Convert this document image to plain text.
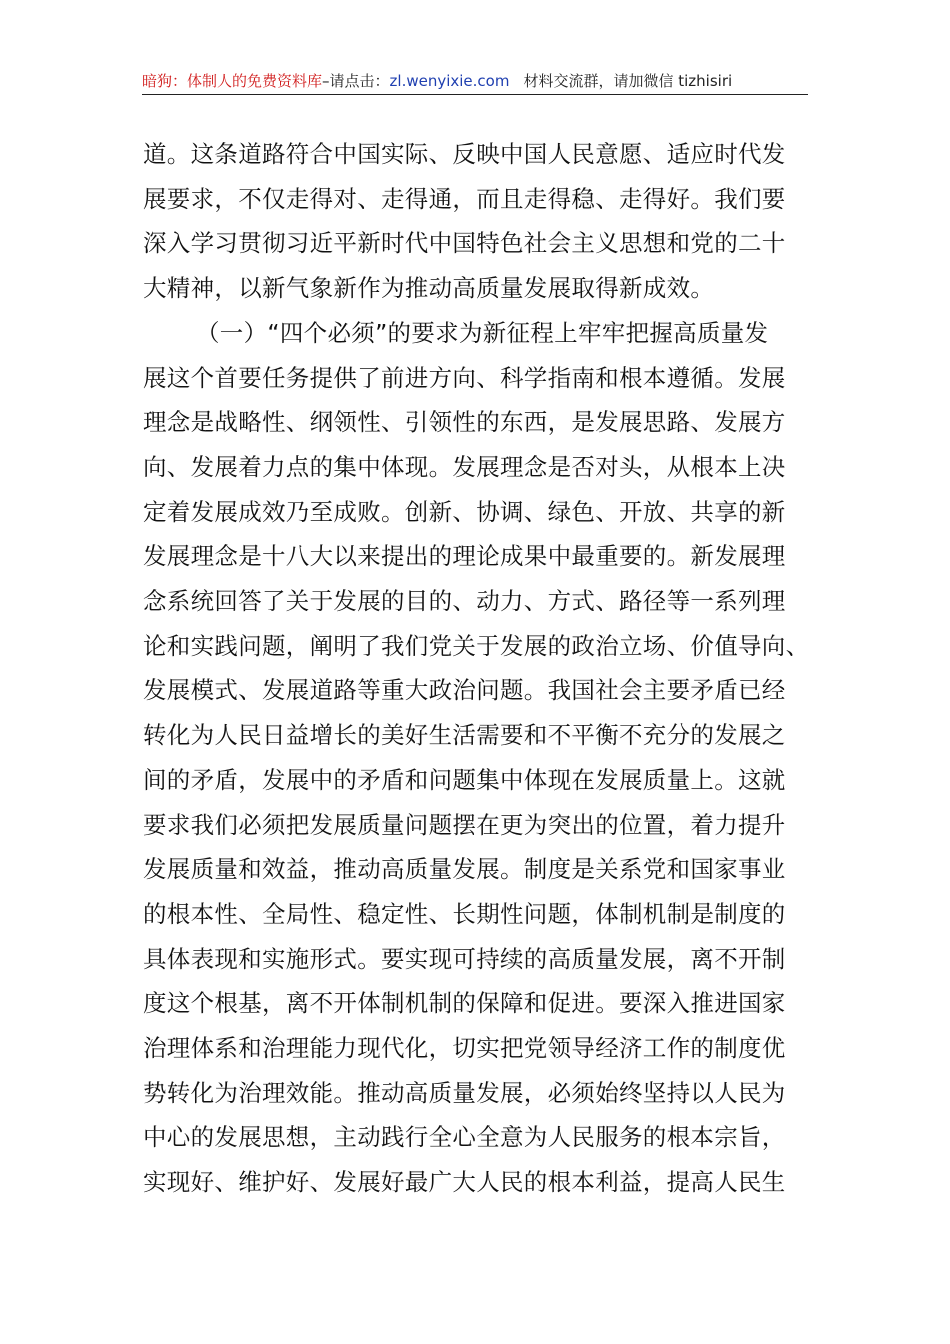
暗狗：体制人的免费资料库–请点击：zl.wenyixie.com 材料交流群，请加微信 tizhisiri

道。这条道路符合中国实际、反映中国人民意愿、适应时代发
展要求，不仅走得对、走得通，而且走得稳、走得好。我们要
深入学习贯彻习近平新时代中国特色社会主义思想和党的二十
大精神，以新气象新作为推动高质量发展取得新成效。

（一）“四个必须”的要求为新征程上牢牢把握高质量发
展这个首要任务提供了前进方向、科学指南和根本遵循。发展
理念是战略性、纲领性、引领性的东西，是发展思路、发展方
向、发展着力点的集中体现。发展理念是否对头，从根本上决
定着发展成效乃至成败。创新、协调、绿色、开放、共享的新
发展理念是十八大以来提出的理论成果中最重要的。新发展理
念系统回答了关于发展的目的、动力、方式、路径等一系列理
论和实践问题，阐明了我们党关于发展的政治立场、价值导向、
发展模式、发展道路等重大政治问题。我国社会主要矛盾已经
转化为人民日益增长的美好生活需要和不平衡不充分的发展之
间的矛盾，发展中的矛盾和问题集中体现在发展质量上。这就
要求我们必须把发展质量问题摆在更为突出的位置，着力提升
发展质量和效益，推动高质量发展。制度是关系党和国家事业
的根本性、全局性、稳定性、长期性问题，体制机制是制度的
具体表现和实施形式。要实现可持续的高质量发展，离不开制
度这个根基，离不开体制机制的保障和促进。要深入推进国家
治理体系和治理能力现代化，切实把党领导经济工作的制度优
势转化为治理效能。推动高质量发展，必须始终坚持以人民为
中心的发展思想，主动践行全心全意为人民服务的根本宗旨，
实现好、维护好、发展好最广大人民的根本利益，提高人民生
